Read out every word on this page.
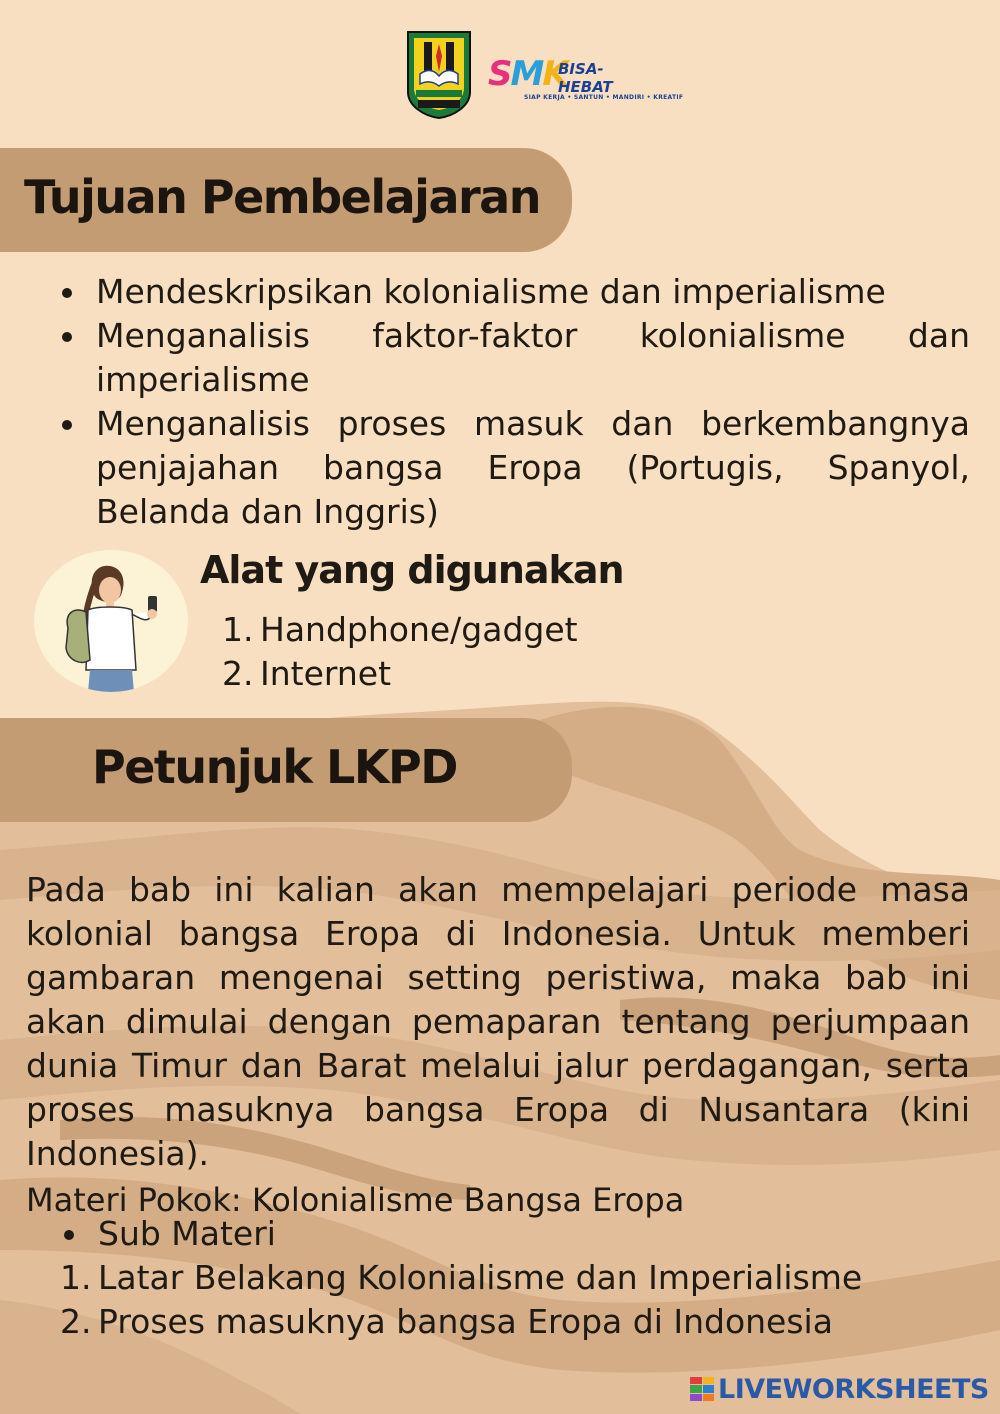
SMK
BISA-HEBAT
SIAP KERJA • SANTUN • MANDIRI • KREATIF
Tujuan Pembelajaran
Mendeskripsikan kolonialisme dan imperialisme
Menganalisis faktor-faktor kolonialisme dan imperialisme
Menganalisis proses masuk dan berkembangnya penjajahan bangsa Eropa (Portugis, Spanyol, Belanda dan Inggris)
Alat yang digunakan
1. Handphone/gadget
2. Internet
Petunjuk LKPD

Pada bab ini kalian akan mempelajari periode masa kolonial bangsa Eropa di Indonesia. Untuk memberi gambaran mengenai setting peristiwa, maka bab ini akan dimulai dengan pemaparan tentang perjumpaan dunia Timur dan Barat melalui jalur perdagangan, serta proses masuknya bangsa Eropa di Nusantara (kini Indonesia).

Materi Pokok: Kolonialisme Bangsa Eropa
Sub Materi
1. Latar Belakang Kolonialisme dan Imperialisme
2. Proses masuknya bangsa Eropa di Indonesia
LIVEWORKSHEETS
